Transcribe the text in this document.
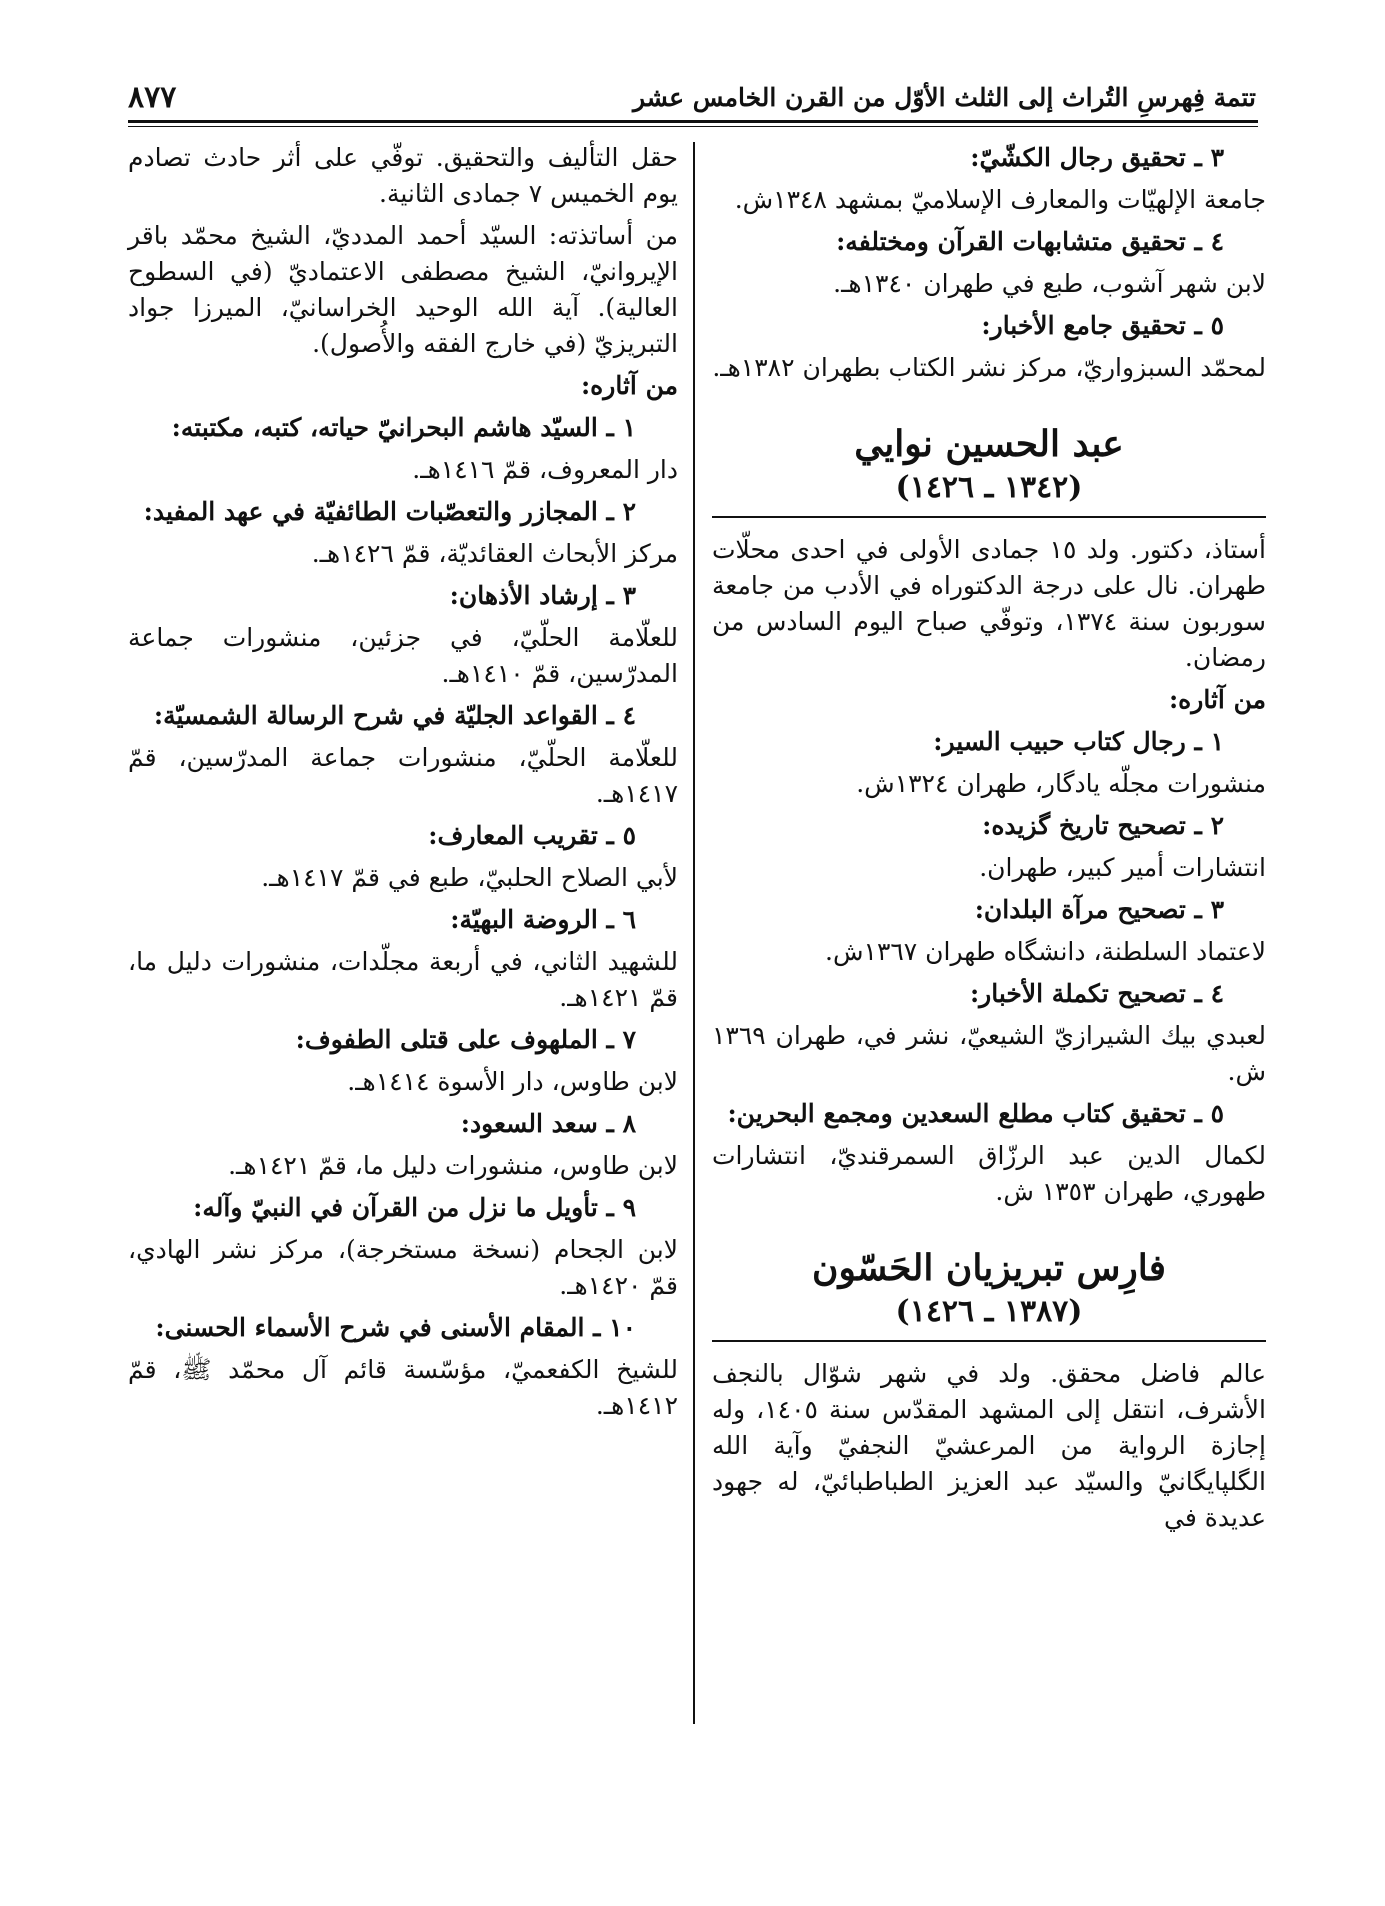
تتمة فِهرسِ التُراث إلى الثلث الأوّل من القرن الخامس عشر
٨٧٧

٣ ـ تحقيق رجال الكشّيّ:

جامعة الإلهيّات والمعارف الإسلاميّ بمشهد ١٣٤٨ش.

٤ ـ تحقيق متشابهات القرآن ومختلفه:

لابن شهر آشوب، طبع في طهران ١٣٤٠هـ.

٥ ـ تحقيق جامع الأخبار:

لمحمّد السبزواريّ، مركز نشر الكتاب بطهران ١٣٨٢هـ.

عبد الحسين نوايي
(١٣٤٢ ـ ١٤٢٦)

أستاذ، دكتور. ولد ١٥ جمادى الأولى في احدى محلّات طهران. نال على درجة الدكتوراه في الأدب من جامعة سوربون سنة ١٣٧٤، وتوفّي صباح اليوم السادس من رمضان.

من آثاره:

١ ـ رجال كتاب حبيب السير:

منشورات مجلّه يادگار، طهران ١٣٢٤ش.

٢ ـ تصحيح تاريخ گزيده:

انتشارات أمير كبير، طهران.

٣ ـ تصحيح مرآة البلدان:

لاعتماد السلطنة، دانشگاه طهران ١٣٦٧ش.

٤ ـ تصحيح تكملة الأخبار:

لعبدي بيك الشيرازيّ الشيعيّ، نشر في، طهران ١٣٦٩ ش.

٥ ـ تحقيق كتاب مطلع السعدين ومجمع البحرين:

لكمال الدين عبد الرزّاق السمرقنديّ، انتشارات طهوري، طهران ١٣٥٣ ش.

فارِس تبريزيان الحَسّون
(١٣٨٧ ـ ١٤٢٦)

عالم فاضل محقق. ولد في شهر شوّال بالنجف الأشرف، انتقل إلى المشهد المقدّس سنة ١٤٠٥، وله إجازة الرواية من المرعشيّ النجفيّ وآية الله الگلپايگانيّ والسيّد عبد العزيز الطباطبائيّ، له جهود عديدة في

حقل التأليف والتحقيق. توفّي على أثر حادث تصادم يوم الخميس ٧ جمادى الثانية.

من أساتذته: السيّد أحمد المدديّ، الشيخ محمّد باقر الإيروانيّ، الشيخ مصطفى الاعتماديّ (في السطوح العالية). آية الله الوحيد الخراسانيّ، الميرزا جواد التبريزيّ (في خارج الفقه والأُصول).

من آثاره:

١ ـ السيّد هاشم البحرانيّ حياته، كتبه، مكتبته:

دار المعروف، قمّ ١٤١٦هـ.

٢ ـ المجازر والتعصّبات الطائفيّة في عهد المفيد:

مركز الأبحاث العقائديّة، قمّ ١٤٢٦هـ.

٣ ـ إرشاد الأذهان:

للعلّامة الحلّيّ، في جزئين، منشورات جماعة المدرّسين، قمّ ١٤١٠هـ.

٤ ـ القواعد الجليّة في شرح الرسالة الشمسيّة:

للعلّامة الحلّيّ، منشورات جماعة المدرّسين، قمّ ١٤١٧هـ.

٥ ـ تقريب المعارف:

لأبي الصلاح الحلبيّ، طبع في قمّ ١٤١٧هـ.

٦ ـ الروضة البهيّة:

للشهيد الثاني، في أربعة مجلّدات، منشورات دليل ما، قمّ ١٤٢١هـ.

٧ ـ الملهوف على قتلى الطفوف:

لابن طاوس، دار الأسوة ١٤١٤هـ.

٨ ـ سعد السعود:

لابن طاوس، منشورات دليل ما، قمّ ١٤٢١هـ.

٩ ـ تأويل ما نزل من القرآن في النبيّ وآله:

لابن الجحام (نسخة مستخرجة)، مركز نشر الهادي، قمّ ١٤٢٠هـ.

١٠ ـ المقام الأسنى في شرح الأسماء الحسنى:

للشيخ الكفعميّ، مؤسّسة قائم آل محمّد ﷺ، قمّ ١٤١٢هـ.
